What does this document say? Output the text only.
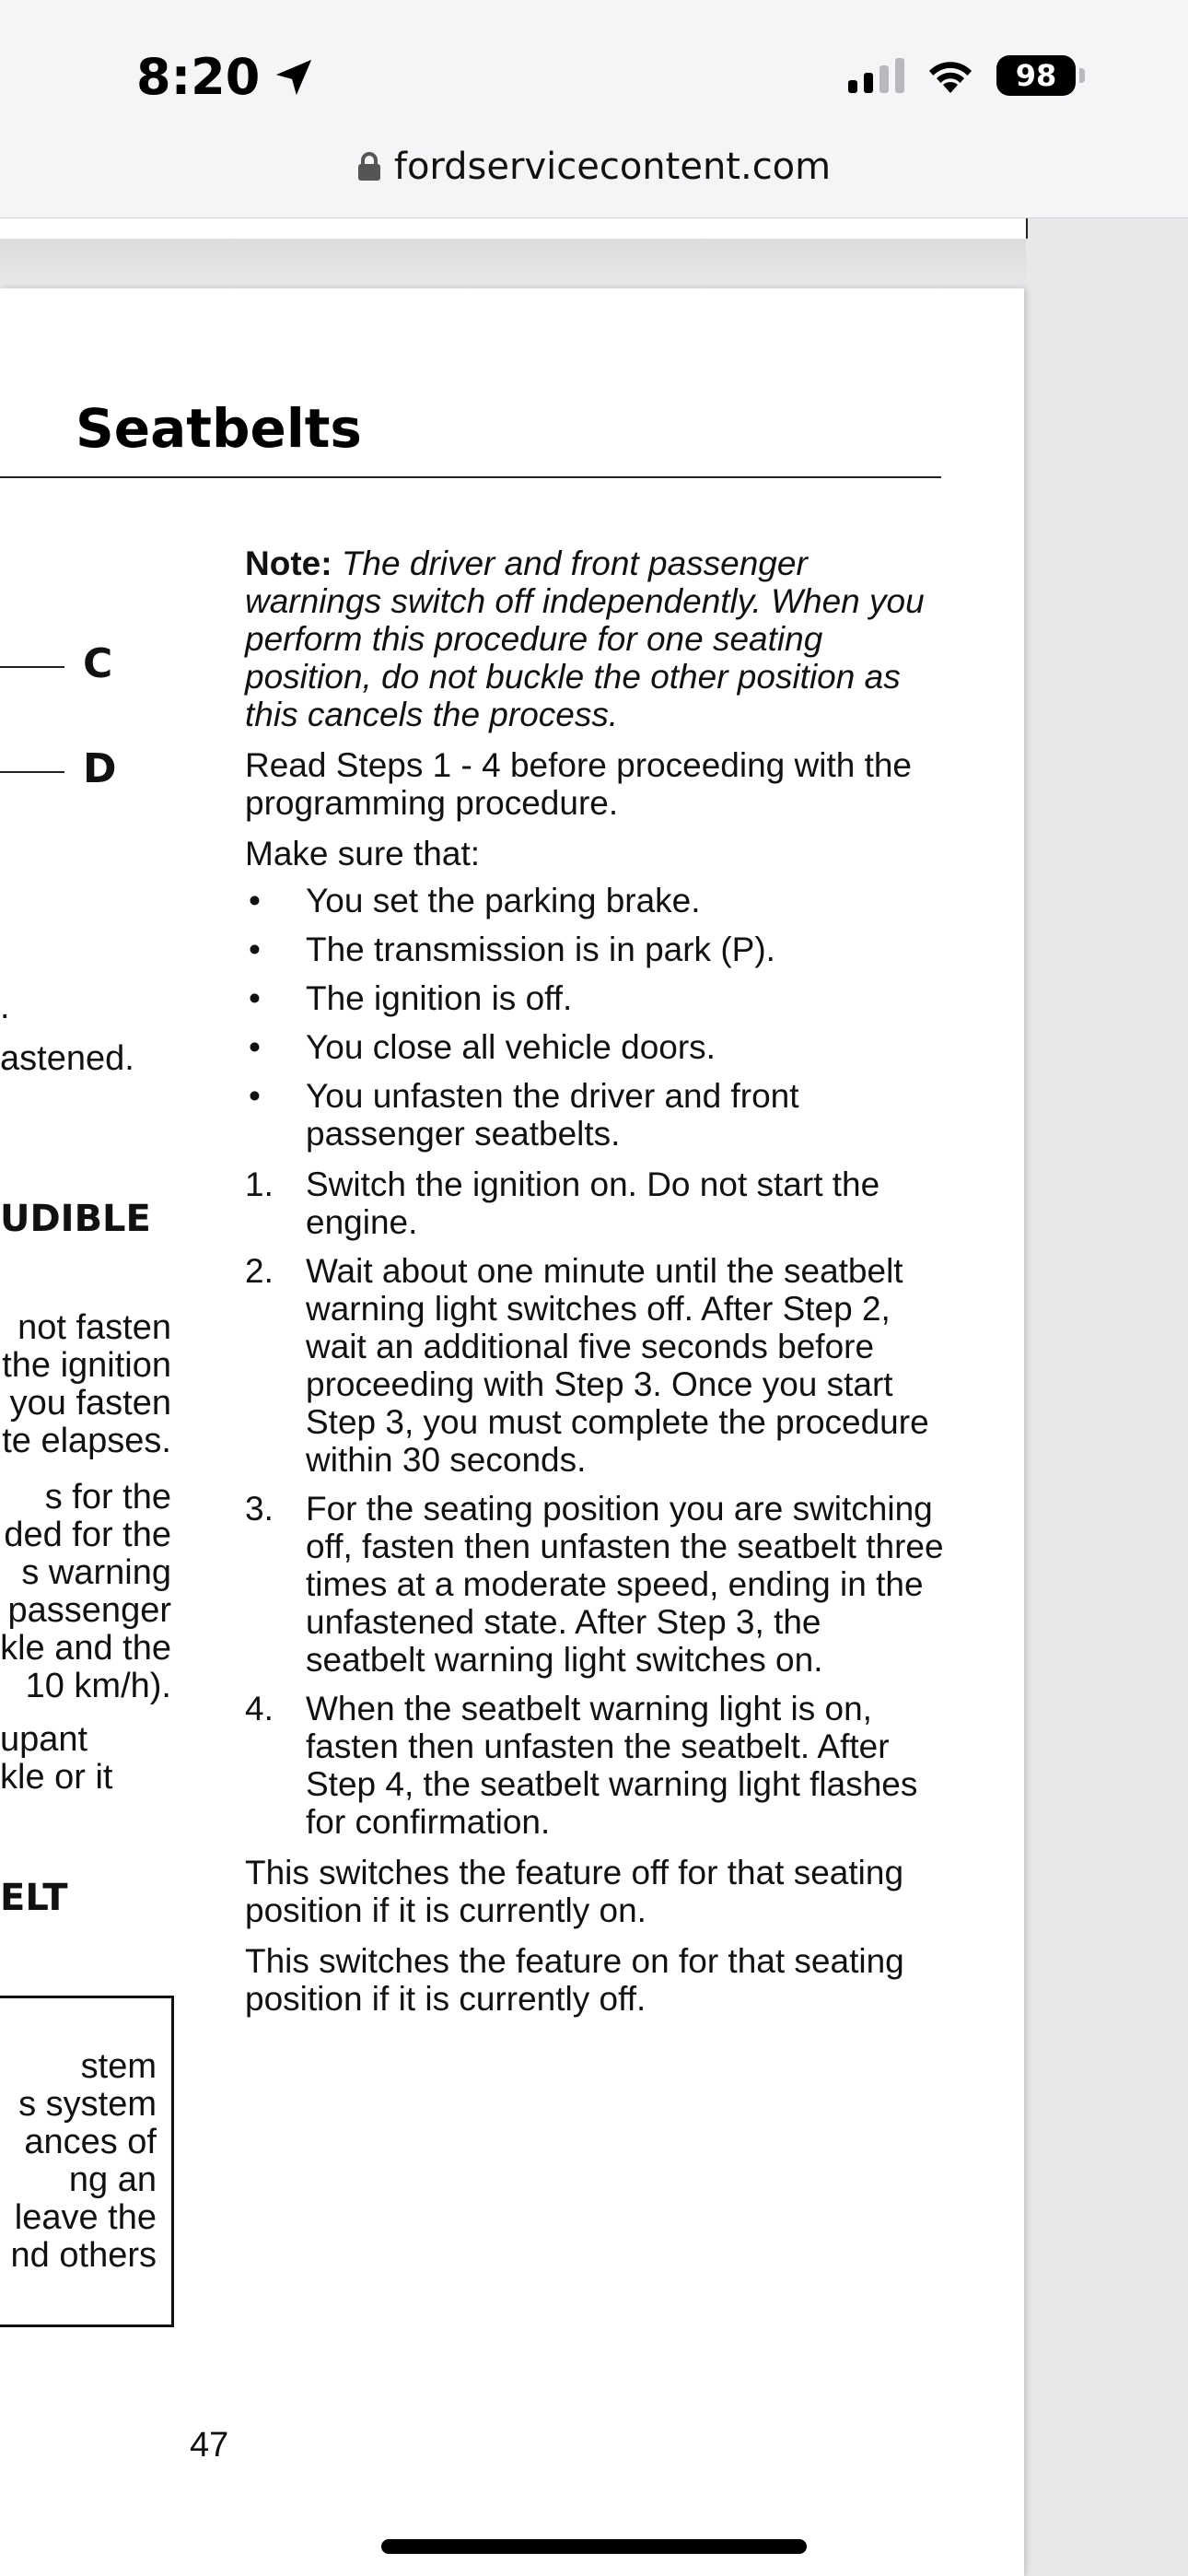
8:20	98
fordservicecontent.com
Seatbelts
C
D
.
astened.
UDIBLE
not fasten
the ignition
you fasten
te elapses.
s for the
ded for the
s warning
passenger
kle and the
10 km/h).
upant
kle or it
ELT
stem
s system
ances of
ng an
leave the
nd others

Note: The driver and front passenger warnings switch off independently. When you perform this procedure for one seating position, do not buckle the other position as this cancels the process.

Read Steps 1 - 4 before proceeding with the programming procedure.

Make sure that:

• You set the parking brake.
• The transmission is in park (P).
• The ignition is off.
• You close all vehicle doors.
• You unfasten the driver and front passenger seatbelts.
1. Switch the ignition on. Do not start the engine.
2. Wait about one minute until the seatbelt warning light switches off. After Step 2, wait an additional five seconds before proceeding with Step 3. Once you start Step 3, you must complete the procedure within 30 seconds.
3. For the seating position you are switching off, fasten then unfasten the seatbelt three times at a moderate speed, ending in the unfastened state. After Step 3, the seatbelt warning light switches on.
4. When the seatbelt warning light is on, fasten then unfasten the seatbelt. After Step 4, the seatbelt warning light flashes for confirmation.

This switches the feature off for that seating position if it is currently on.

This switches the feature on for that seating position if it is currently off.

47
